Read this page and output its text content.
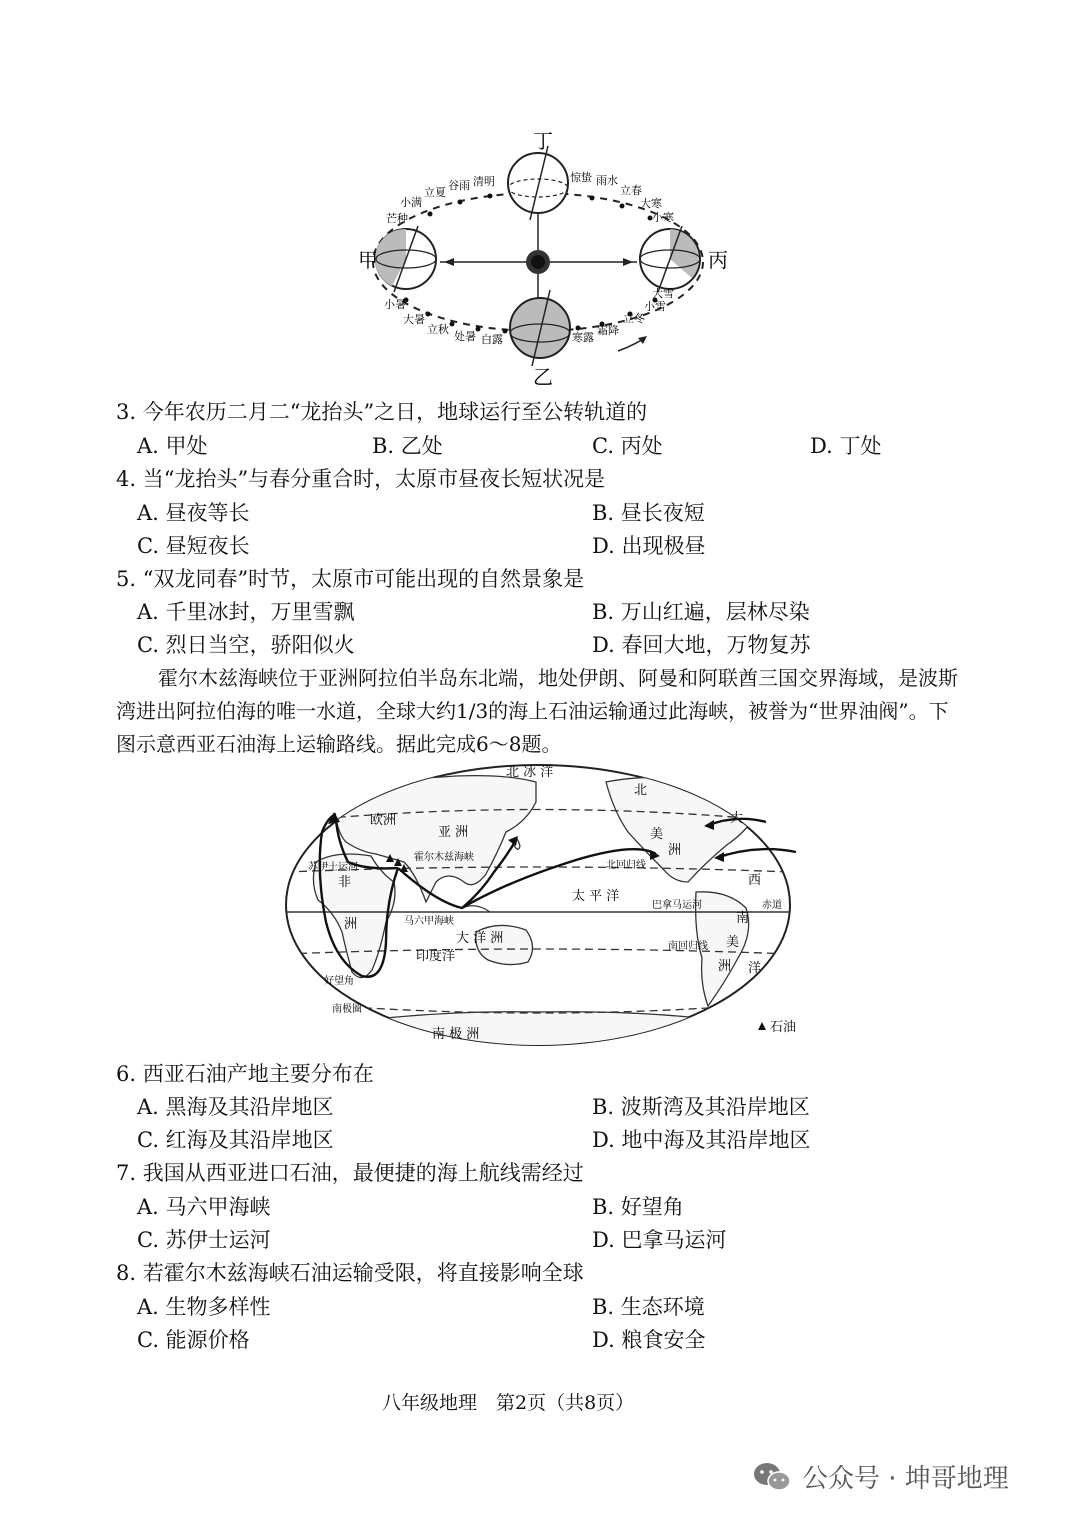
甲	丙
丁
乙
清明
谷雨
立夏
小满
芒种
小暑
大暑
立秋
处暑 白露	寒露
霜降
立冬
小雪
大雪
小寒
大寒
立春
雨水
惊蛰
3. 今年农历二月二“龙抬头”之日，地球运行至公转轨道的
A. 甲处	B. 乙处	C. 丙处	D. 丁处
4. 当“龙抬头”与春分重合时，太原市昼夜长短状况是
A. 昼夜等长	B. 昼长夜短
C. 昼短夜长	D. 出现极昼
5. “双龙同春”时节，太原市可能出现的自然景象是
A. 千里冰封，万里雪飘	B. 万山红遍，层林尽染
C. 烈日当空，骄阳似火	D. 春回大地，万物复苏
霍尔木兹海峡位于亚洲阿拉伯半岛东北端，地处伊朗、阿曼和阿联酋三国交界海域，是波斯湾进出阿拉伯海的唯一水道，全球大约1/3的海上石油运输通过此海峡，被誉为“世界油阀”。下图示意西亚石油海上运输路线。据此完成6～8题。
北 冰 洋
欧洲
亚 洲
非
洲
大 洋 洲
印度洋
太 平 洋
北
美
洲
大
西
洋
南
美
洲
南 极 洲
霍尔木兹海峡
苏伊士运河
马六甲海峡
好望角
北回归线
南回归线
赤道
巴拿马运河
南极圈
石油
6. 西亚石油产地主要分布在
A. 黑海及其沿岸地区	B. 波斯湾及其沿岸地区
C. 红海及其沿岸地区	D. 地中海及其沿岸地区
7. 我国从西亚进口石油，最便捷的海上航线需经过
A. 马六甲海峡	B. 好望角
C. 苏伊士运河	D. 巴拿马运河
8. 若霍尔木兹海峡石油运输受限，将直接影响全球
A. 生物多样性	B. 生态环境
C. 能源价格	D. 粮食安全
八年级地理　第2页（共8页）
公众号 · 坤哥地理
